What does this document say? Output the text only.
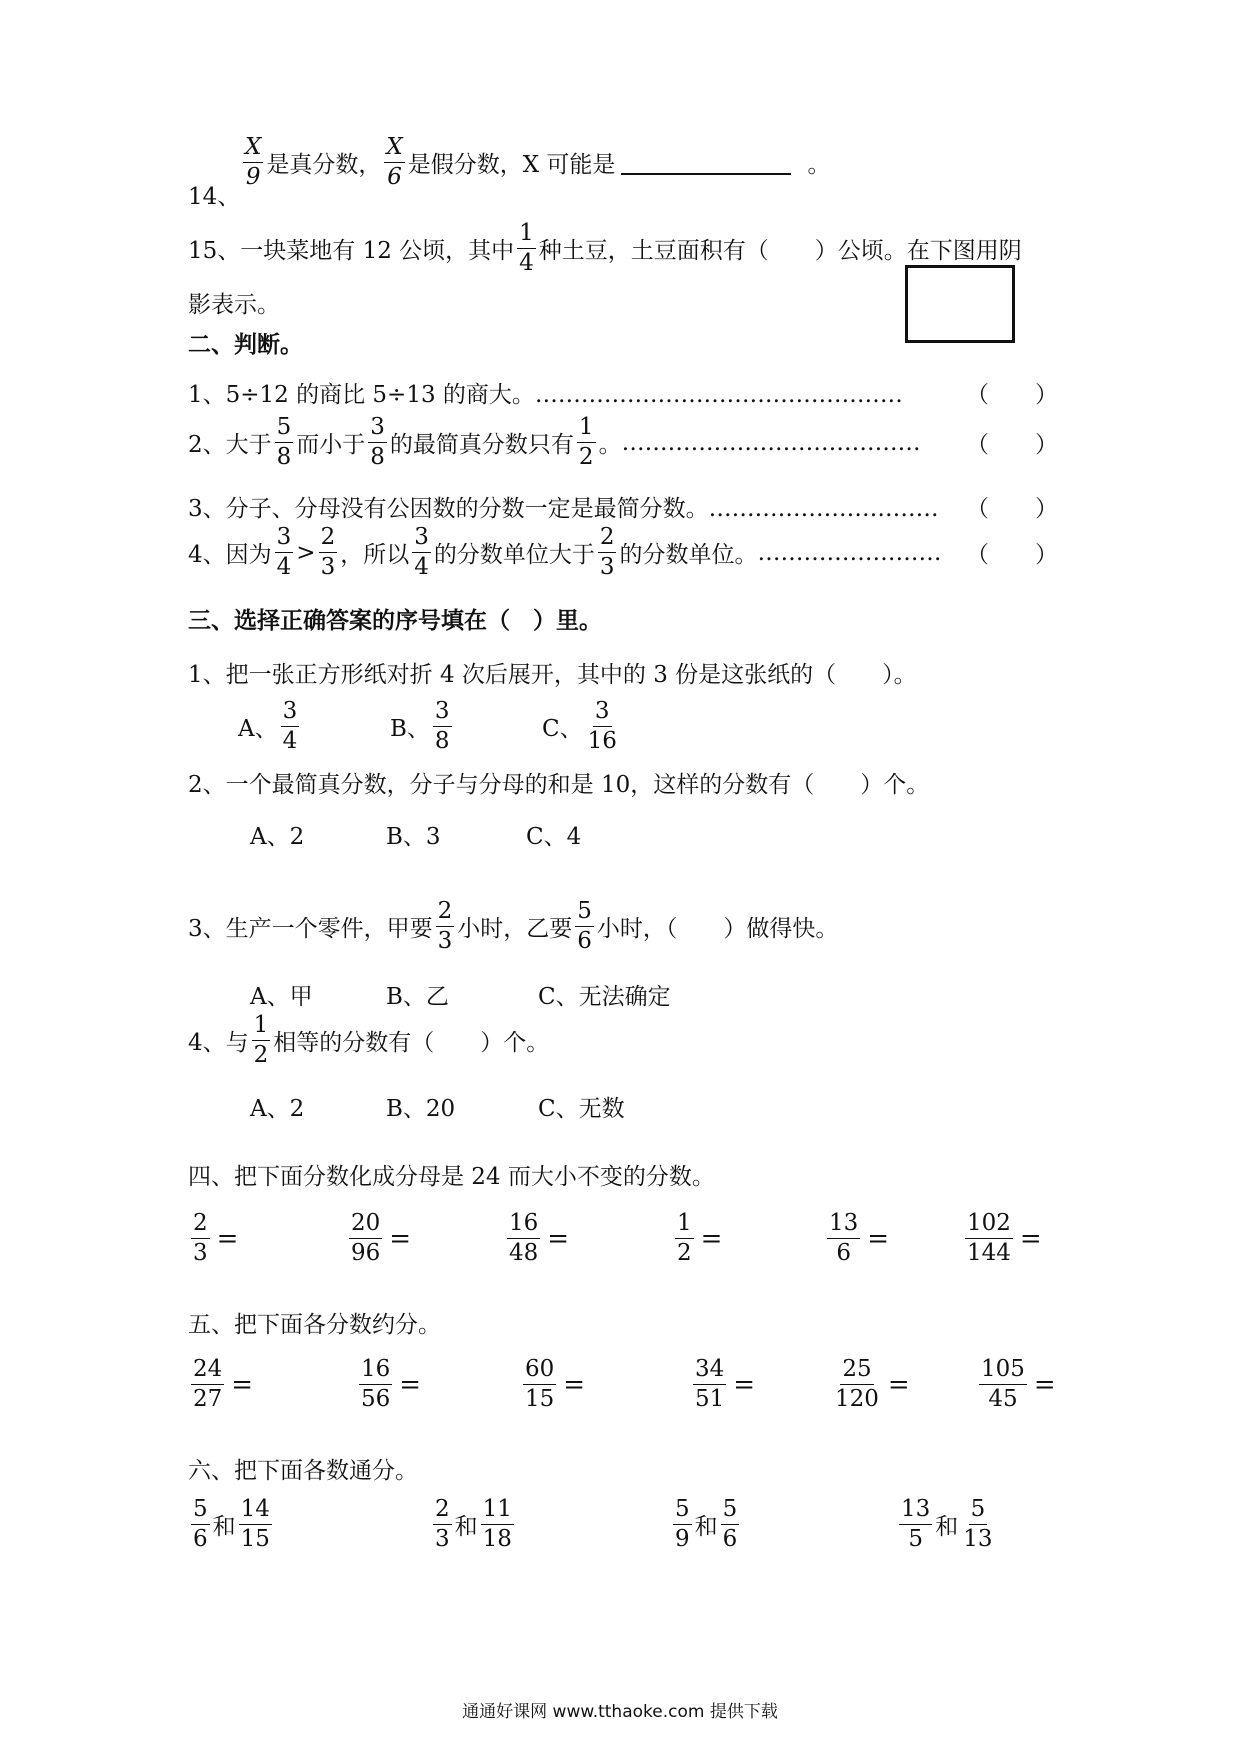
14、
$\frac{X}{9}$ 是真分数， $\frac{X}{6}$ 是假分数，X 可能是	。
15、一块菜地有 12 公顷，其中 $\frac{1}{4}$ 种土豆，土豆面积有（　　）公顷。在下图用阴
影表示。
二、判断。
1、5÷12 的商比 5÷13 的商大。…………………………………………	（　　）
2、大于 $\frac{5}{8}$ 而小于 $\frac{3}{8}$ 的最简真分数只有 $\frac{1}{2}$ 。 ………………………………… （　　）
3、分子、分母没有公因数的分数一定是最简分数。………………………… （　　）
4、因为 $\frac{3}{4} > \frac{2}{3}$ ，所以 $\frac{3}{4}$ 的分数单位大于 $\frac{2}{3}$ 的分数单位。 …………………… （　　）
三、选择正确答案的序号填在（　）里。
1、把一张正方形纸对折 4 次后展开，其中的 3 份是这张纸的（　　）。
A、 $\frac{3}{4}$	B、 $\frac{3}{8}$	C、 $\frac{3}{16}$
2、一个最简真分数，分子与分母的和是 10，这样的分数有（　　）个。
A、2	B、3	C、4
3、生产一个零件，甲要 $\frac{2}{3}$ 小时，乙要 $\frac{5}{6}$ 小时，（　　）做得快。
A、甲	B、乙	C、无法确定
4、与 $\frac{1}{2}$ 相等的分数有（　　）个。
A、2	B、20	C、无数
四、把下面分数化成分母是 24 而大小不变的分数。
$\frac{2}{3}$ =	$\frac{20}{96}$ =	$\frac{16}{48}$ =	$\frac{1}{2}$ =	$\frac{13}{6}$ =	$\frac{102}{144}$ =
五、把下面各分数约分。
$\frac{24}{27}$ =	$\frac{16}{56}$ =	$\frac{60}{15}$ =	$\frac{34}{51}$ =	$\frac{25}{120}$ =	$\frac{105}{45}$ =
六、把下面各数通分。
$\frac{5}{6}$ 和 $\frac{14}{15}$	$\frac{2}{3}$ 和 $\frac{11}{18}$	$\frac{5}{9}$ 和 $\frac{5}{6}$	$\frac{13}{5}$ 和 $\frac{5}{13}$
通通好课网 www.tthaoke.com 提供下载
